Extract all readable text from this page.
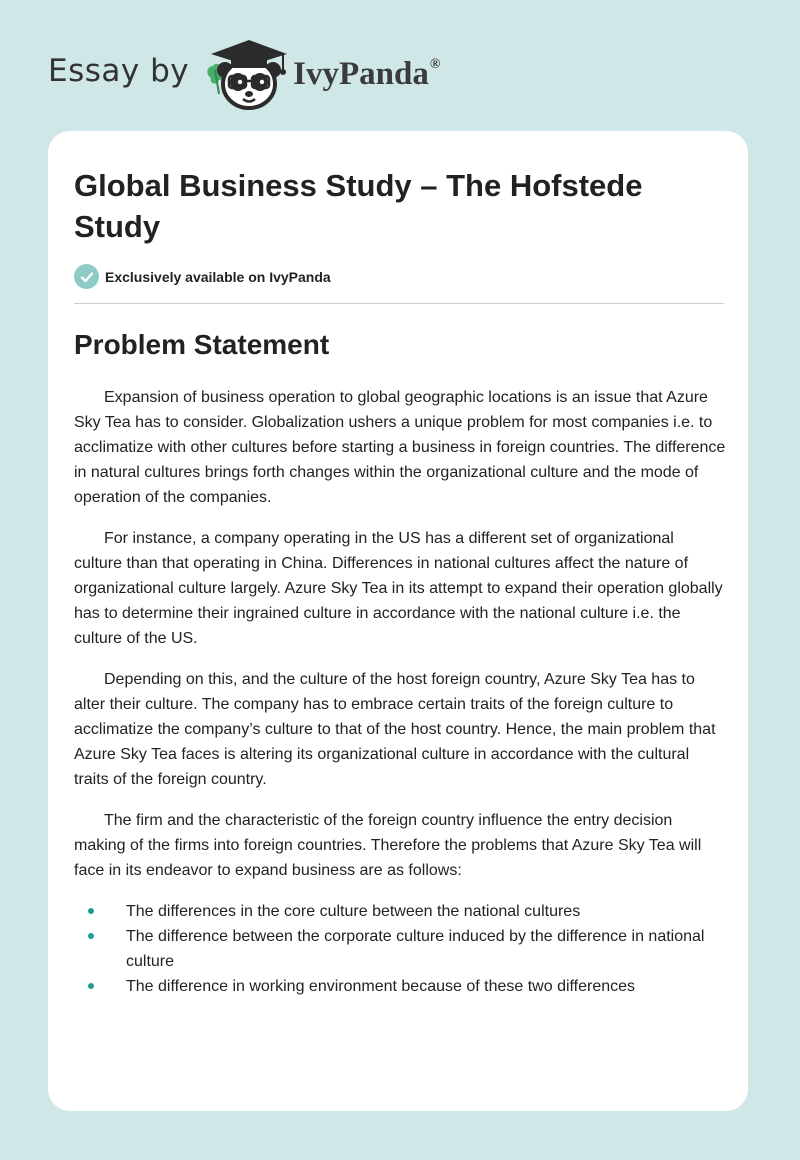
Essay by	IvyPanda®
Global Business Study – The Hofstede Study
Exclusively available on IvyPanda
Problem Statement

Expansion of business operation to global geographic locations is an issue that Azure Sky Tea has to consider. Globalization ushers a unique problem for most companies i.e. to acclimatize with other cultures before starting a business in foreign countries. The difference in natural cultures brings forth changes within the organizational culture and the mode of operation of the companies.

For instance, a company operating in the US has a different set of organizational culture than that operating in China. Differences in national cultures affect the nature of organizational culture largely. Azure Sky Tea in its attempt to expand their operation globally has to determine their ingrained culture in accordance with the national culture i.e. the culture of the US.

Depending on this, and the culture of the host foreign country, Azure Sky Tea has to alter their culture. The company has to embrace certain traits of the foreign culture to acclimatize the company’s culture to that of the host country. Hence, the main problem that Azure Sky Tea faces is altering its organizational culture in accordance with the cultural traits of the foreign country.

The firm and the characteristic of the foreign country influence the entry decision making of the firms into foreign countries. Therefore the problems that Azure Sky Tea will face in its endeavor to expand business are as follows:

The differences in the core culture between the national cultures
The difference between the corporate culture induced by the difference in national culture
The difference in working environment because of these two differences
